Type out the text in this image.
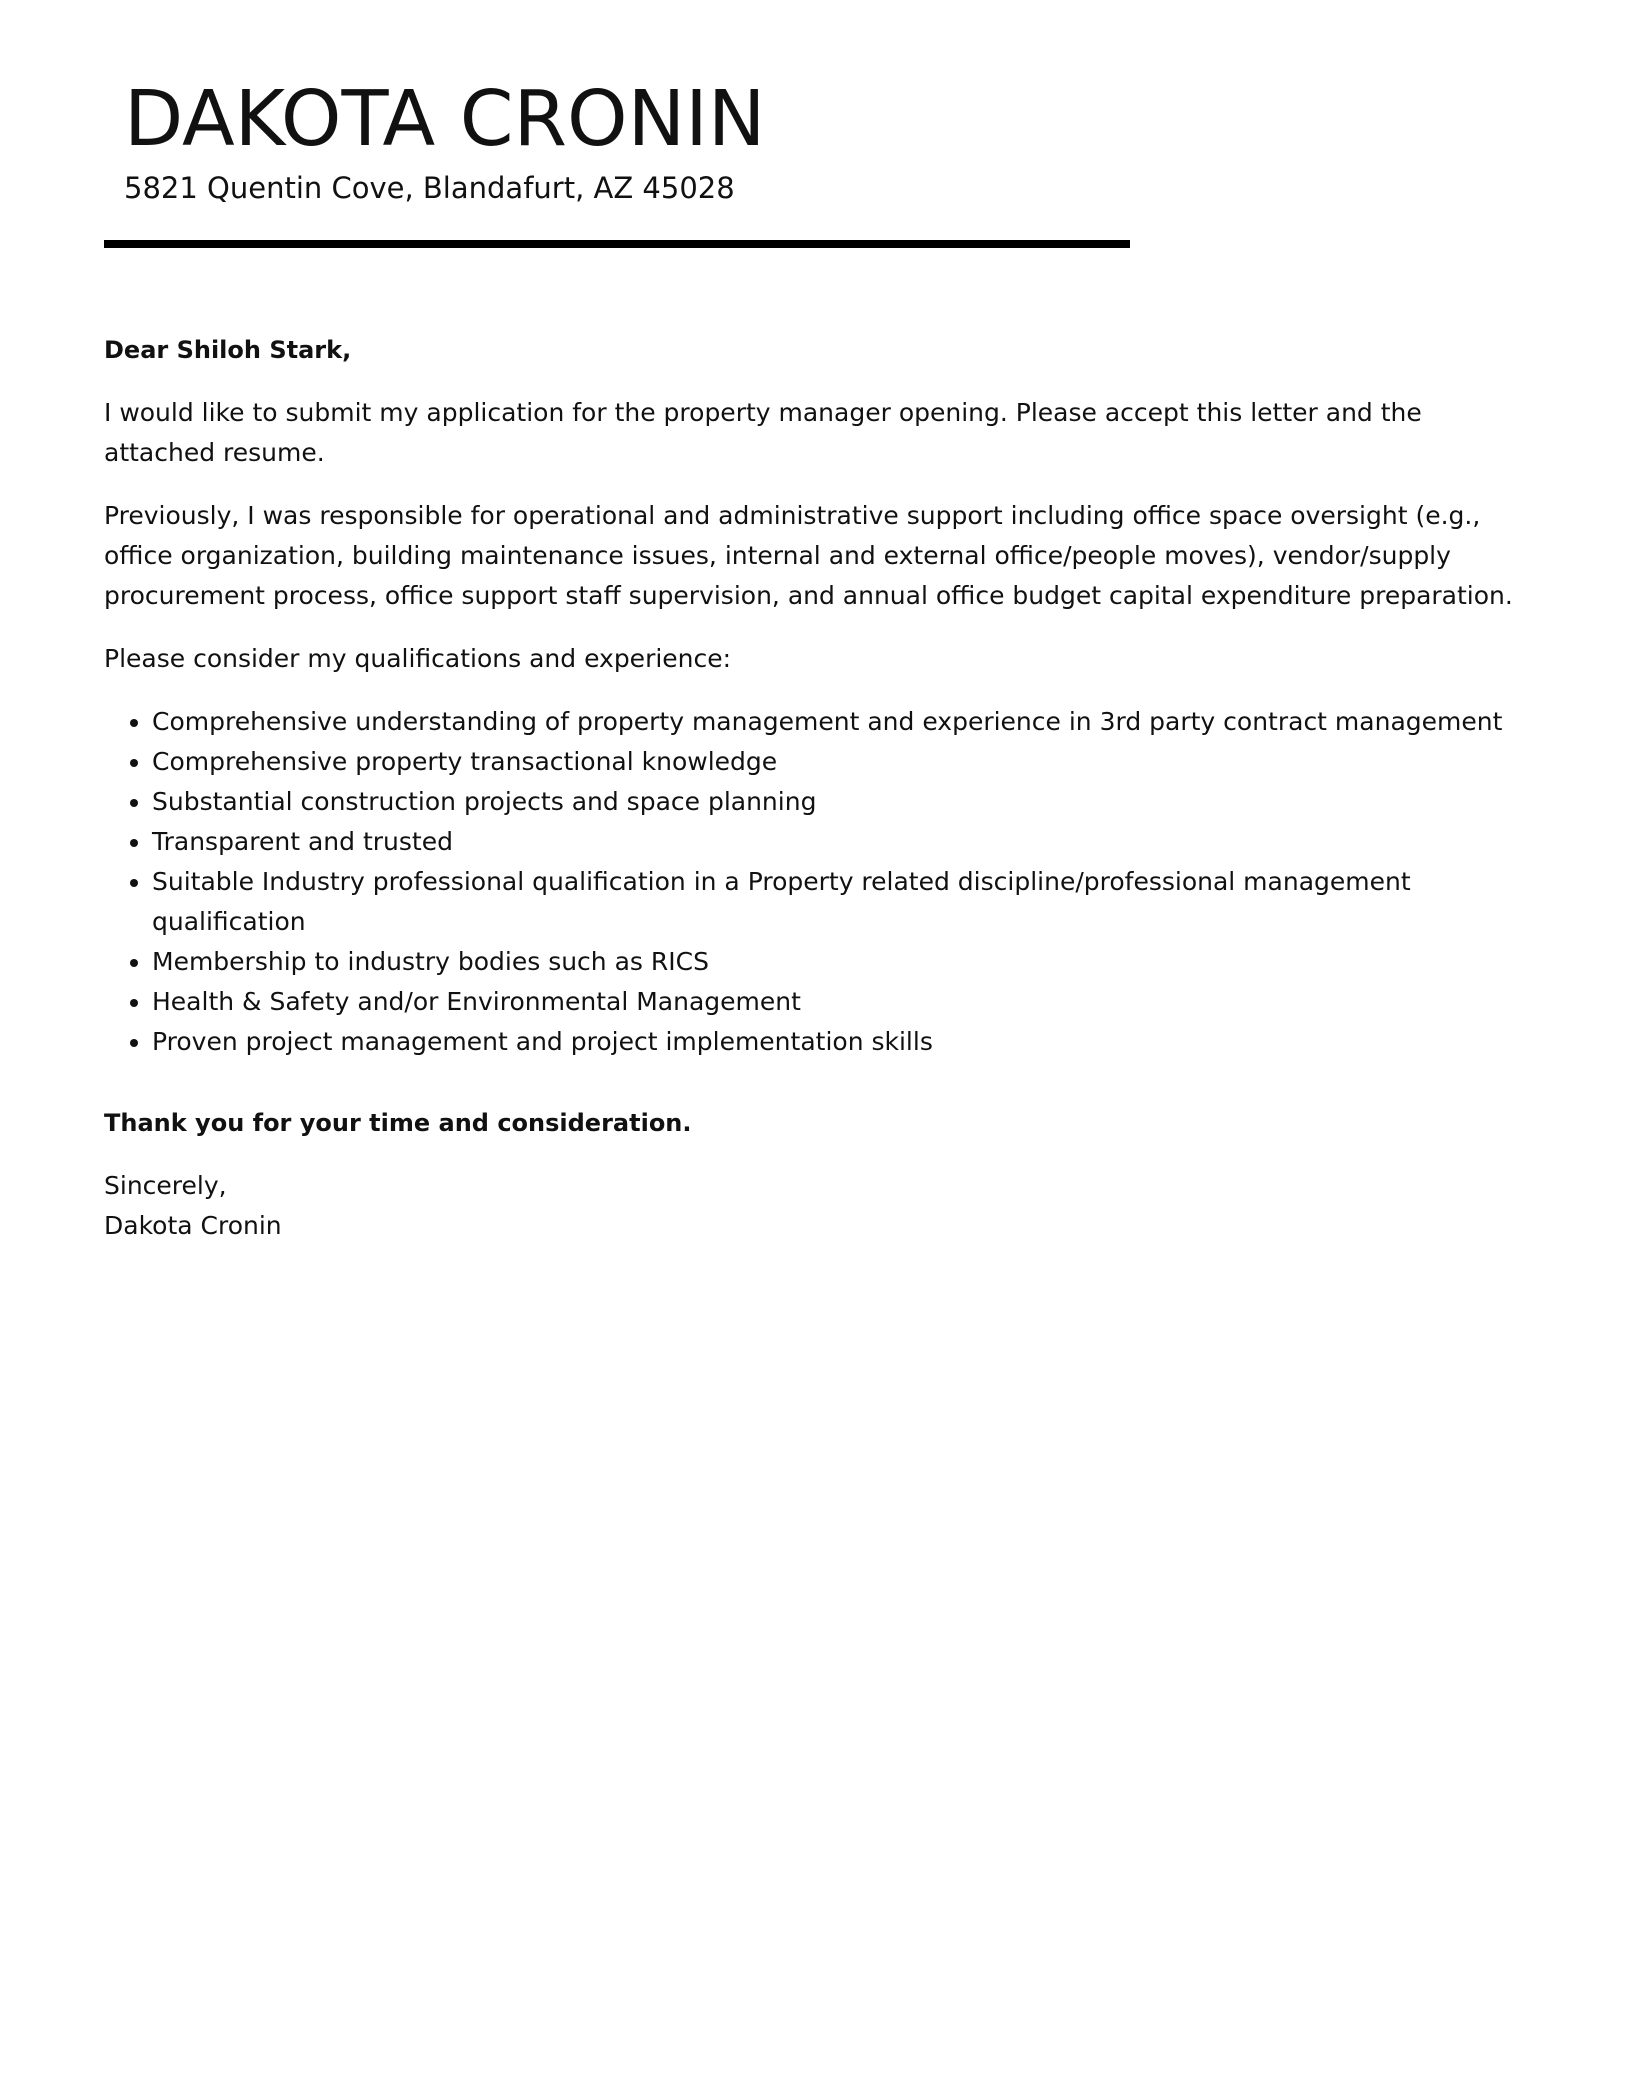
DAKOTA CRONIN
5821 Quentin Cove, Blandafurt, AZ 45028

Dear Shiloh Stark,

I would like to submit my application for the property manager opening. Please accept this letter and the attached resume.

Previously, I was responsible for operational and administrative support including office space oversight (e.g., office organization, building maintenance issues, internal and external office/people moves), vendor/supply procurement process, office support staff supervision, and annual office budget capital expenditure preparation.

Please consider my qualifications and experience:

• Comprehensive understanding of property management and experience in 3rd party contract management
• Comprehensive property transactional knowledge
• Substantial construction projects and space planning
• Transparent and trusted
• Suitable Industry professional qualification in a Property related discipline/professional management qualification
• Membership to industry bodies such as RICS
• Health & Safety and/or Environmental Management
• Proven project management and project implementation skills

Thank you for your time and consideration.

Sincerely,
Dakota Cronin
